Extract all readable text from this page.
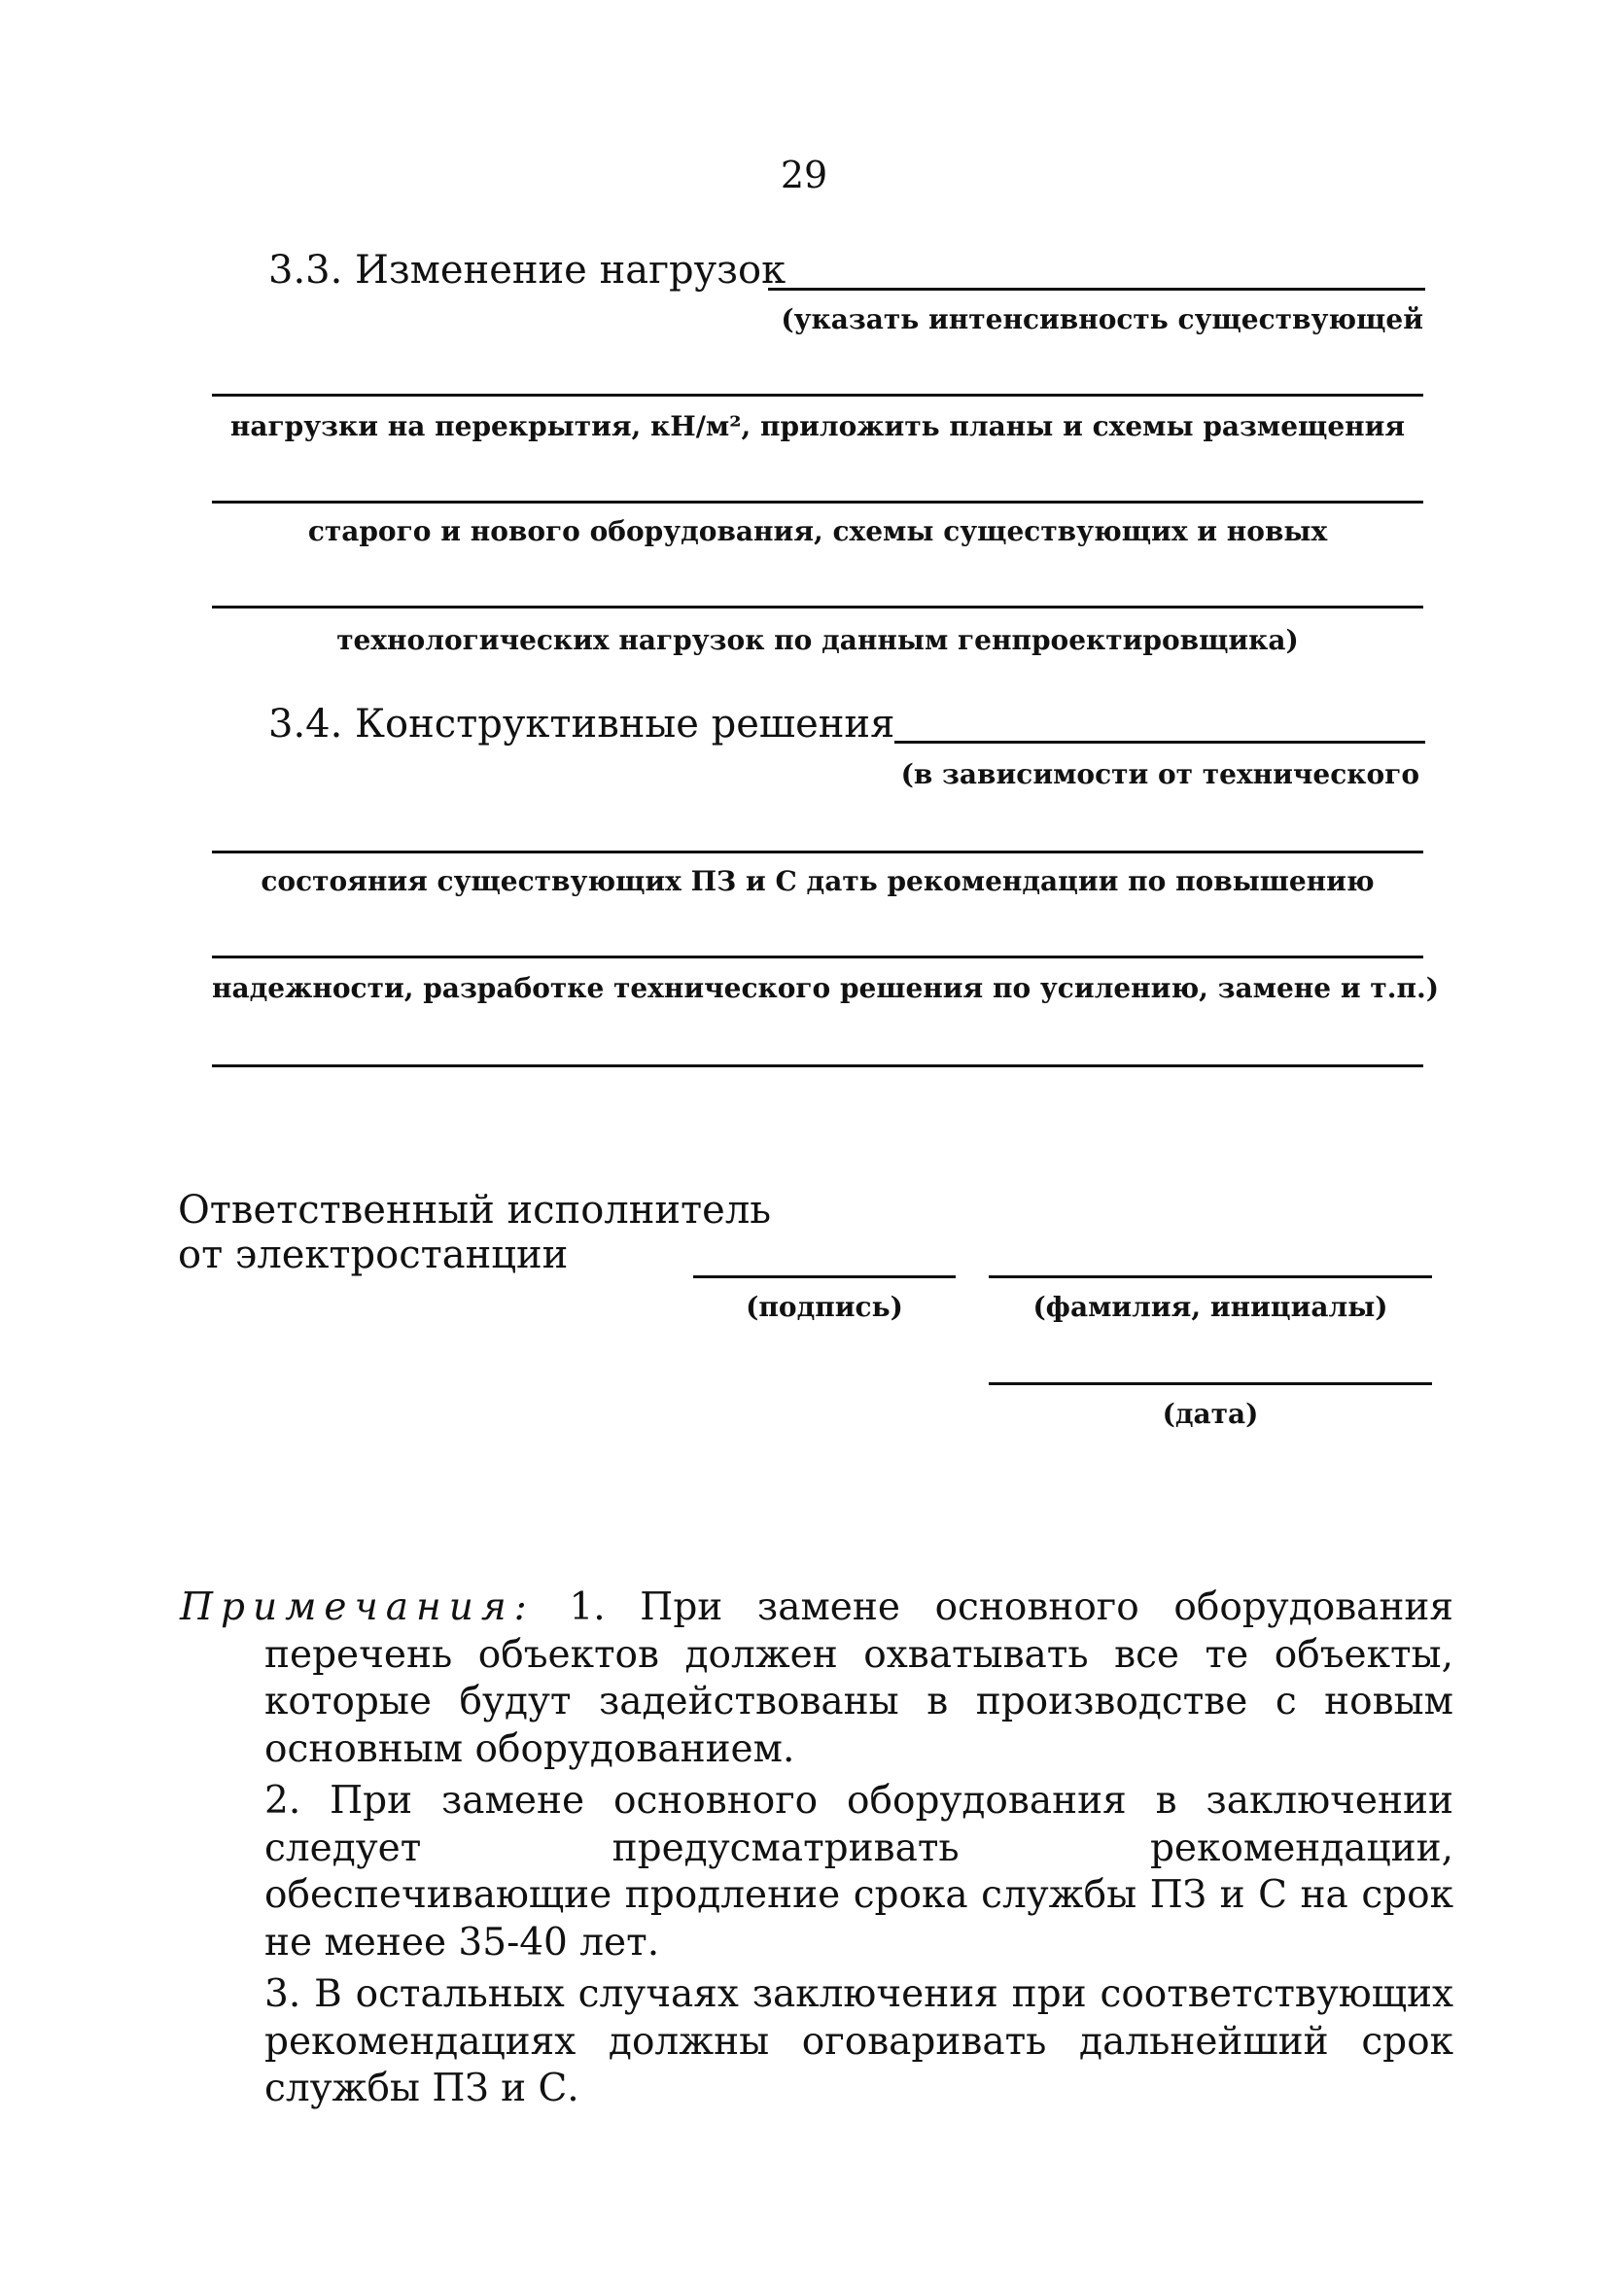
29
3.3. Изменение нагрузок
(указать интенсивность существующей
нагрузки на перекрытия, кН/м², приложить планы и схемы размещения
старого и нового оборудования, схемы существующих и новых
технологических нагрузок по данным генпроектировщика)
3.4. Конструктивные решения
(в зависимости от технического
состояния существующих ПЗ и С дать рекомендации по повышению
надежности, разработке технического решения по усилению, замене и т.п.)
Ответственный исполнитель
от электростанции
(подпись)	(фамилия, инициалы)
(дата)

Примечания: 1. При замене основного оборудования перечень объектов должен охватывать все те объекты, которые будут задействованы в производстве с новым основным оборудованием.

2. При замене основного оборудования в заключении следует предусматривать рекомендации, обеспечивающие продление срока службы ПЗ и С на срок не менее 35-40 лет.

3. В остальных случаях заключения при соответствующих рекомендациях должны оговаривать дальнейший срок службы ПЗ и С.
